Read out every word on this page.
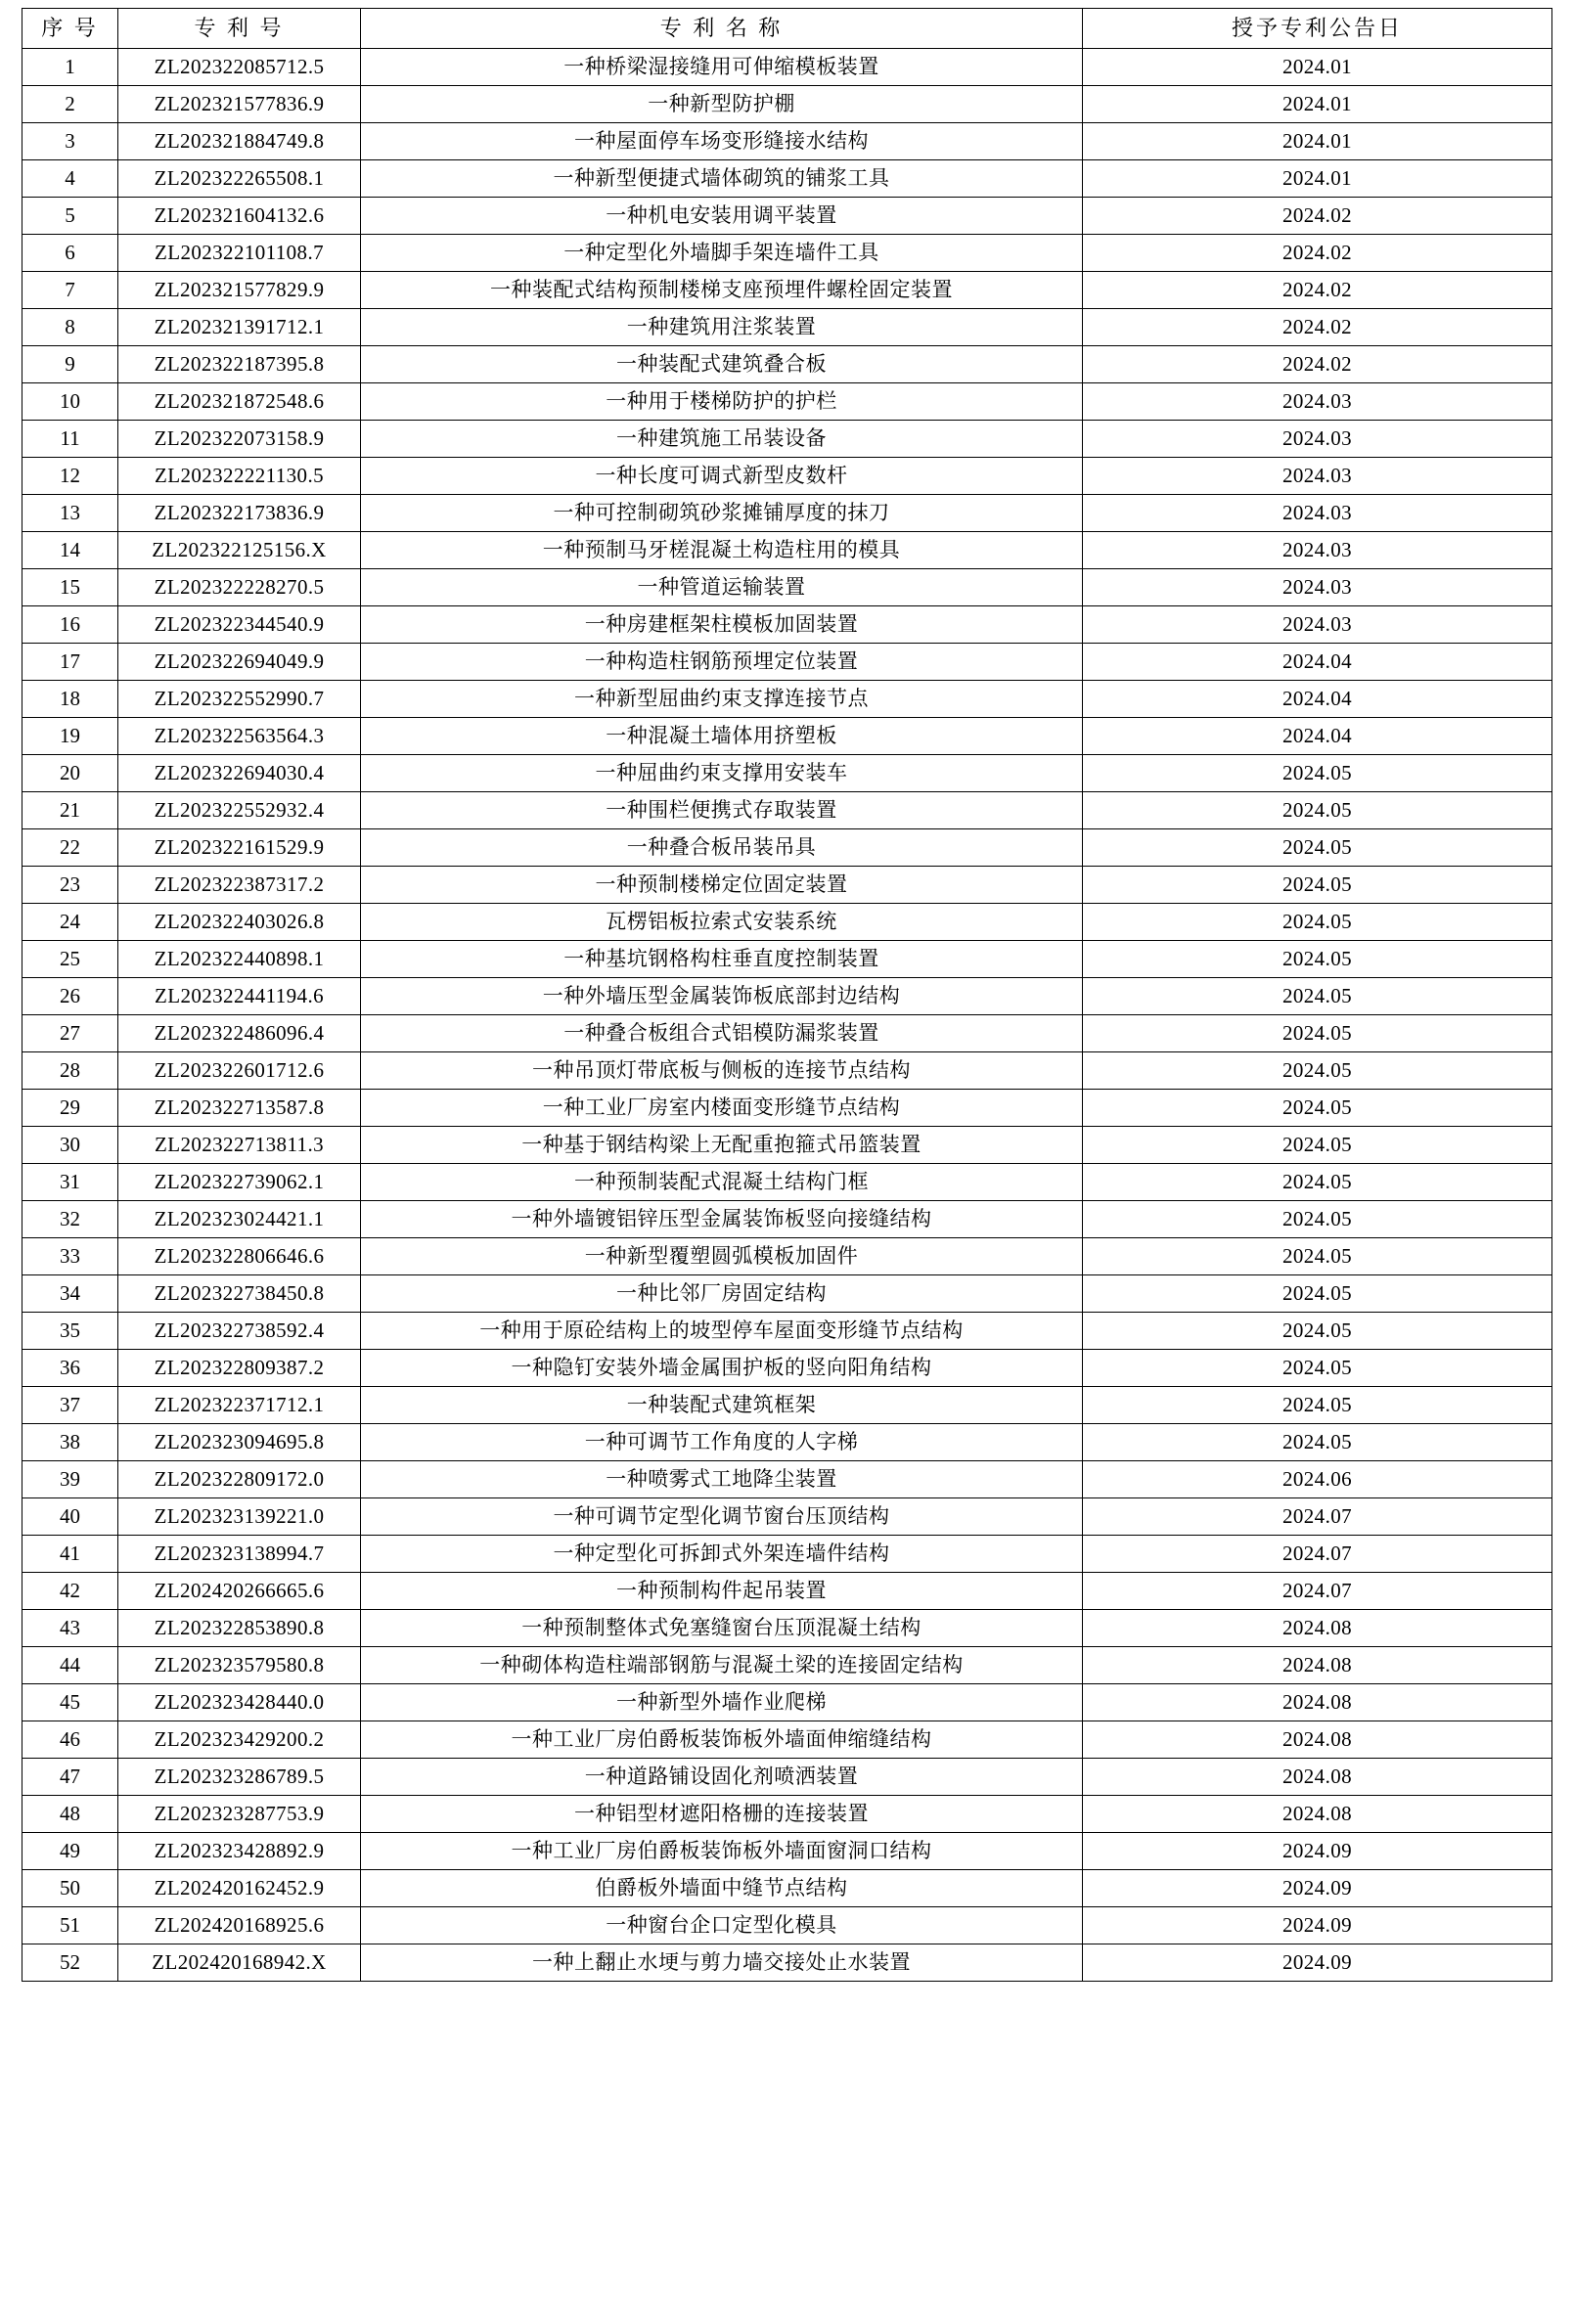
序 号	专 利 号	专 利 名 称	授予专利公告日
1	ZL202322085712.5	一种桥梁湿接缝用可伸缩模板装置	2024.01
2	ZL202321577836.9	一种新型防护棚	2024.01
3	ZL202321884749.8	一种屋面停车场变形缝接水结构	2024.01
4	ZL202322265508.1	一种新型便捷式墙体砌筑的铺浆工具	2024.01
5	ZL202321604132.6	一种机电安装用调平装置	2024.02
6	ZL202322101108.7	一种定型化外墙脚手架连墙件工具	2024.02
7	ZL202321577829.9	一种装配式结构预制楼梯支座预埋件螺栓固定装置	2024.02
8	ZL202321391712.1	一种建筑用注浆装置	2024.02
9	ZL202322187395.8	一种装配式建筑叠合板	2024.02
10	ZL202321872548.6	一种用于楼梯防护的护栏	2024.03
11	ZL202322073158.9	一种建筑施工吊装设备	2024.03
12	ZL202322221130.5	一种长度可调式新型皮数杆	2024.03
13	ZL202322173836.9	一种可控制砌筑砂浆摊铺厚度的抹刀	2024.03
14	ZL202322125156.X	一种预制马牙槎混凝土构造柱用的模具	2024.03
15	ZL202322228270.5	一种管道运输装置	2024.03
16	ZL202322344540.9	一种房建框架柱模板加固装置	2024.03
17	ZL202322694049.9	一种构造柱钢筋预埋定位装置	2024.04
18	ZL202322552990.7	一种新型屈曲约束支撑连接节点	2024.04
19	ZL202322563564.3	一种混凝土墙体用挤塑板	2024.04
20	ZL202322694030.4	一种屈曲约束支撑用安装车	2024.05
21	ZL202322552932.4	一种围栏便携式存取装置	2024.05
22	ZL202322161529.9	一种叠合板吊装吊具	2024.05
23	ZL202322387317.2	一种预制楼梯定位固定装置	2024.05
24	ZL202322403026.8	瓦楞铝板拉索式安装系统	2024.05
25	ZL202322440898.1	一种基坑钢格构柱垂直度控制装置	2024.05
26	ZL202322441194.6	一种外墙压型金属装饰板底部封边结构	2024.05
27	ZL202322486096.4	一种叠合板组合式铝模防漏浆装置	2024.05
28	ZL202322601712.6	一种吊顶灯带底板与侧板的连接节点结构	2024.05
29	ZL202322713587.8	一种工业厂房室内楼面变形缝节点结构	2024.05
30	ZL202322713811.3	一种基于钢结构梁上无配重抱箍式吊篮装置	2024.05
31	ZL202322739062.1	一种预制装配式混凝土结构门框	2024.05
32	ZL202323024421.1	一种外墙镀铝锌压型金属装饰板竖向接缝结构	2024.05
33	ZL202322806646.6	一种新型覆塑圆弧模板加固件	2024.05
34	ZL202322738450.8	一种比邻厂房固定结构	2024.05
35	ZL202322738592.4	一种用于原砼结构上的坡型停车屋面变形缝节点结构	2024.05
36	ZL202322809387.2	一种隐钉安装外墙金属围护板的竖向阳角结构	2024.05
37	ZL202322371712.1	一种装配式建筑框架	2024.05
38	ZL202323094695.8	一种可调节工作角度的人字梯	2024.05
39	ZL202322809172.0	一种喷雾式工地降尘装置	2024.06
40	ZL202323139221.0	一种可调节定型化调节窗台压顶结构	2024.07
41	ZL202323138994.7	一种定型化可拆卸式外架连墙件结构	2024.07
42	ZL202420266665.6	一种预制构件起吊装置	2024.07
43	ZL202322853890.8	一种预制整体式免塞缝窗台压顶混凝土结构	2024.08
44	ZL202323579580.8	一种砌体构造柱端部钢筋与混凝土梁的连接固定结构	2024.08
45	ZL202323428440.0	一种新型外墙作业爬梯	2024.08
46	ZL202323429200.2	一种工业厂房伯爵板装饰板外墙面伸缩缝结构	2024.08
47	ZL202323286789.5	一种道路铺设固化剂喷洒装置	2024.08
48	ZL202323287753.9	一种铝型材遮阳格栅的连接装置	2024.08
49	ZL202323428892.9	一种工业厂房伯爵板装饰板外墙面窗洞口结构	2024.09
50	ZL202420162452.9	伯爵板外墙面中缝节点结构	2024.09
51	ZL202420168925.6	一种窗台企口定型化模具	2024.09
52	ZL202420168942.X	一种上翻止水埂与剪力墙交接处止水装置	2024.09
